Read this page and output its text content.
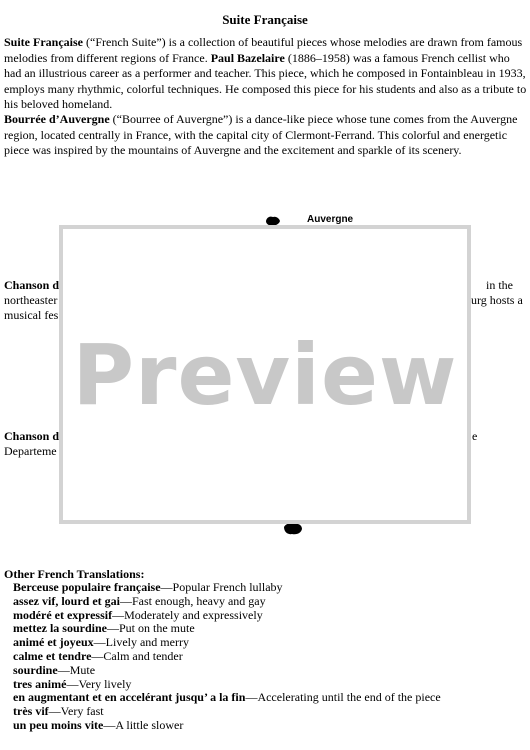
Suite Française

Suite Française (“French Suite”) is a collection of beautiful pieces whose melodies are drawn from famous melodies from different regions of France. Paul Bazelaire (1886–1958) was a famous French cellist who had an illustrious career as a performer and teacher. This piece, which he composed in Fontainbleau in 1933, employs many rhythmic, colorful techniques. He composed this piece for his students and also as a tribute to his beloved homeland.

Bourrée d’Auvergne (“Bourree of Auvergne”) is a dance-like piece whose tune comes from the Auvergne region, located centrally in France, with the capital city of Clermont-Ferrand. This colorful and energetic piece was inspired by the mountains of Auvergne and the excitement and sparkle of its scenery.

Auvergne
Chanson d	in the
northeaster	urg hosts a
musical fes
Chanson d	e
Departeme
Preview
Other French Translations:
Berceuse populaire française—Popular French lullaby
assez vif, lourd et gai—Fast enough, heavy and gay
modéré et expressif—Moderately and expressively
mettez la sourdine—Put on the mute
animé et joyeux—Lively and merry
calme et tendre—Calm and tender
sourdine—Mute
tres animé—Very lively
en augmentant et en accelérant jusqu’ a la fin—Accelerating until the end of the piece
très vif—Very fast
un peu moins vite—A little slower
